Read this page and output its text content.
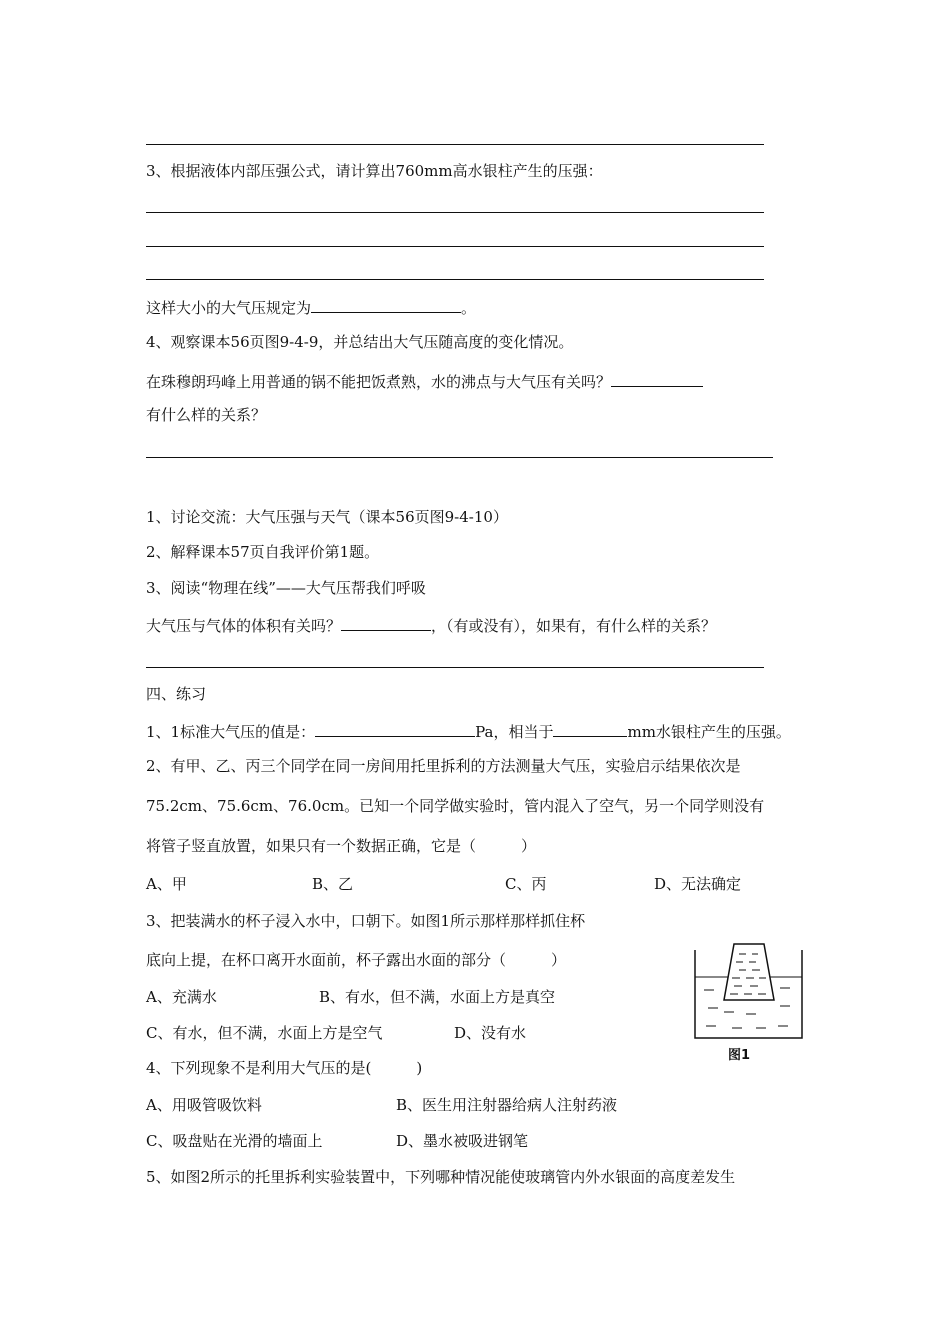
3、根据液体内部压强公式，请计算出760mm高水银柱产生的压强：
这样大小的大气压规定为	。
4、观察课本56页图9-4-9，并总结出大气压随高度的变化情况。
在珠穆朗玛峰上用普通的锅不能把饭煮熟，水的沸点与大气压有关吗？
有什么样的关系？
1、讨论交流：大气压强与天气（课本56页图9-4-10）
2、解释课本57页自我评价第1题。
3、阅读“物理在线”——大气压帮我们呼吸
大气压与气体的体积有关吗？	，（有或没有），如果有，有什么样的关系？
四、练习
1、1标准大气压的值是：	Pa，相当于	mm水银柱产生的压强。
2、有甲、乙、丙三个同学在同一房间用托里拆利的方法测量大气压，实验启示结果依次是
75.2cm、75.6cm、76.0cm。已知一个同学做实验时，管内混入了空气，另一个同学则没有
将管子竖直放置，如果只有一个数据正确，它是（　　　）
A、甲	B、乙	C、丙	D、无法确定
3、把装满水的杯子浸入水中，口朝下。如图1所示那样那样抓住杯
底向上提，在杯口离开水面前，杯子露出水面的部分（　　　）
A、充满水	B、有水，但不满，水面上方是真空
C、有水，但不满，水面上方是空气	D、没有水
图1
4、下列现象不是利用大气压的是(　　　)
A、用吸管吸饮料	B、医生用注射器给病人注射药液
C、吸盘贴在光滑的墙面上	D、墨水被吸进钢笔
5、如图2所示的托里拆利实验装置中，下列哪种情况能使玻璃管内外水银面的高度差发生
